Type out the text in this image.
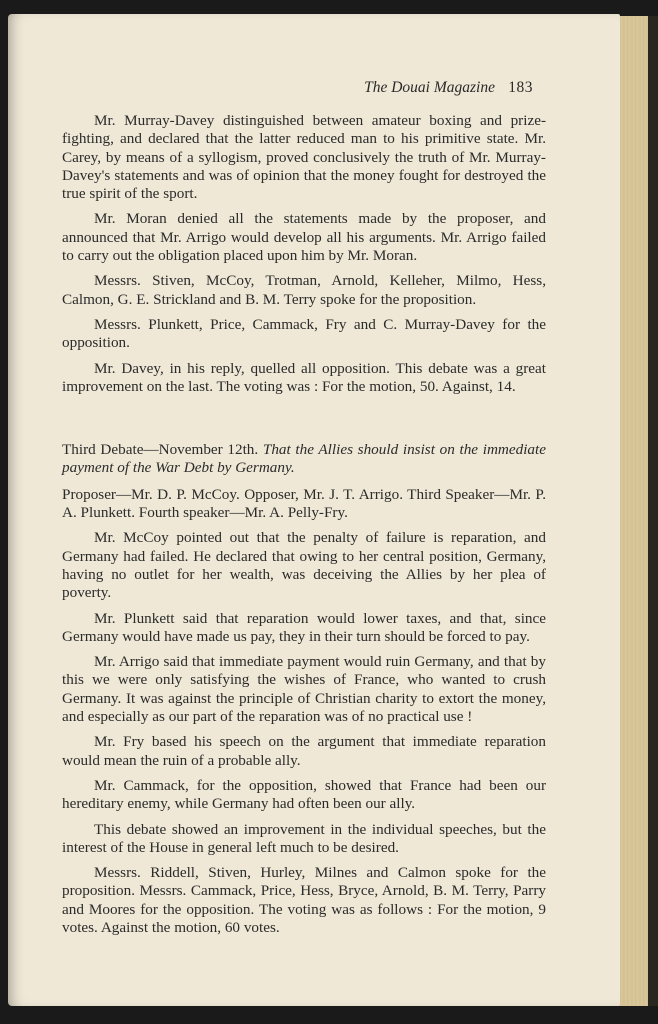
The Douai Magazine 183

Mr. Murray-Davey distinguished between amateur boxing and prize-fighting, and declared that the latter reduced man to his primitive state. Mr. Carey, by means of a syllogism, proved conclusively the truth of Mr. Murray-Davey's statements and was of opinion that the money fought for destroyed the true spirit of the sport.

Mr. Moran denied all the statements made by the proposer, and announced that Mr. Arrigo would develop all his arguments. Mr. Arrigo failed to carry out the obligation placed upon him by Mr. Moran.

Messrs. Stiven, McCoy, Trotman, Arnold, Kelleher, Milmo, Hess, Calmon, G. E. Strickland and B. M. Terry spoke for the proposition.

Messrs. Plunkett, Price, Cammack, Fry and C. Murray-Davey for the opposition.

Mr. Davey, in his reply, quelled all opposition. This debate was a great improvement on the last. The voting was : For the motion, 50. Against, 14.

Third Debate—November 12th. That the Allies should insist on the immediate payment of the War Debt by Germany.

Proposer—Mr. D. P. McCoy. Opposer, Mr. J. T. Arrigo. Third Speaker—Mr. P. A. Plunkett. Fourth speaker—Mr. A. Pelly-Fry.

Mr. McCoy pointed out that the penalty of failure is reparation, and Germany had failed. He declared that owing to her central position, Germany, having no outlet for her wealth, was deceiving the Allies by her plea of poverty.

Mr. Plunkett said that reparation would lower taxes, and that, since Germany would have made us pay, they in their turn should be forced to pay.

Mr. Arrigo said that immediate payment would ruin Germany, and that by this we were only satisfying the wishes of France, who wanted to crush Germany. It was against the principle of Christian charity to extort the money, and especially as our part of the reparation was of no practical use !

Mr. Fry based his speech on the argument that immediate reparation would mean the ruin of a probable ally.

Mr. Cammack, for the opposition, showed that France had been our hereditary enemy, while Germany had often been our ally.

This debate showed an improvement in the individual speeches, but the interest of the House in general left much to be desired.

Messrs. Riddell, Stiven, Hurley, Milnes and Calmon spoke for the proposition. Messrs. Cammack, Price, Hess, Bryce, Arnold, B. M. Terry, Parry and Moores for the opposition. The voting was as follows : For the motion, 9 votes. Against the motion, 60 votes.
